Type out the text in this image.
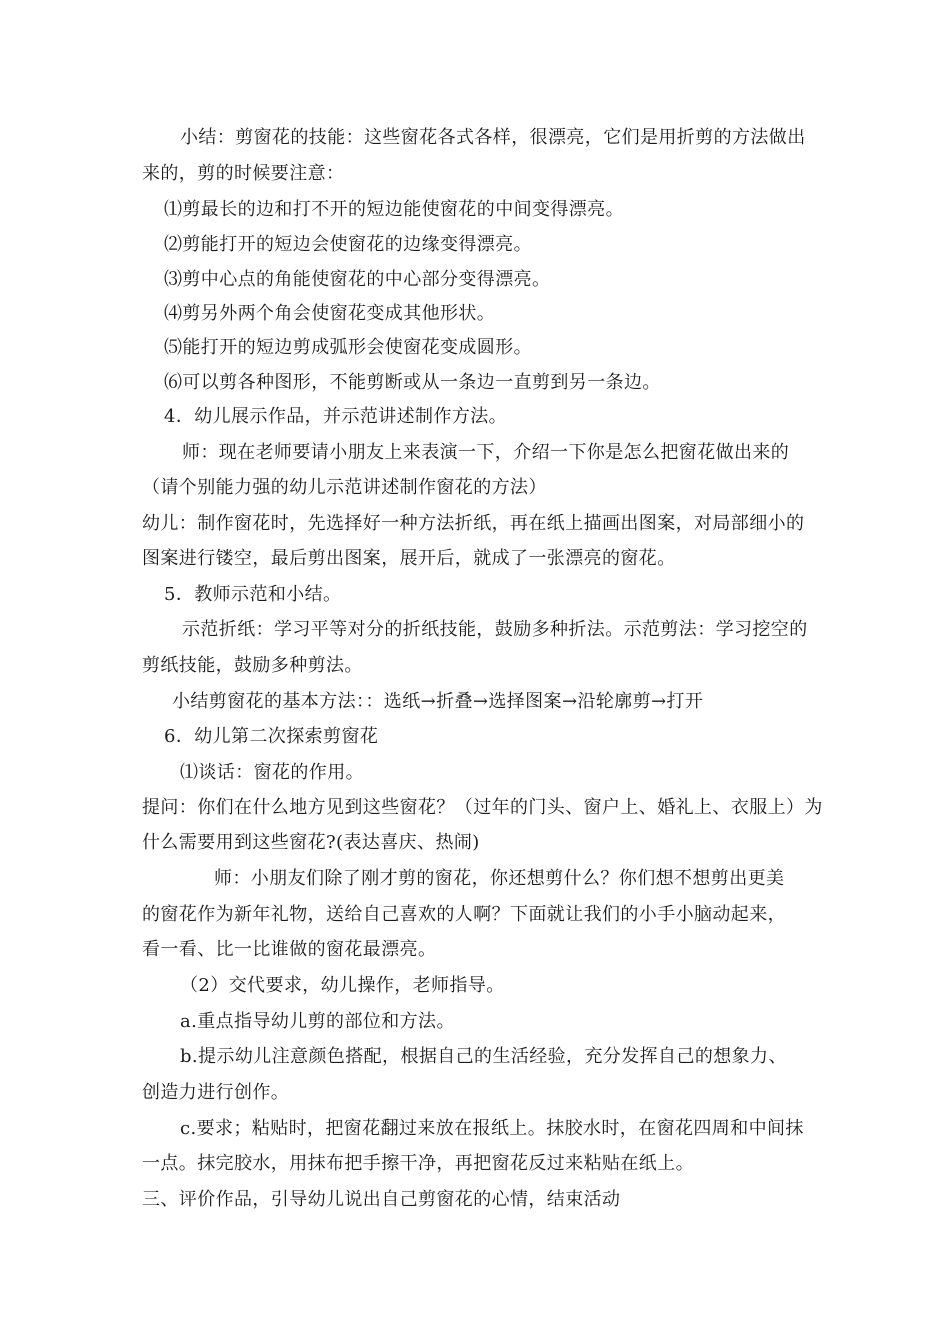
小结：剪窗花的技能：这些窗花各式各样，很漂亮，它们是用折剪的方法做出
来的，剪的时候要注意：
⑴剪最长的边和打不开的短边能使窗花的中间变得漂亮。
⑵剪能打开的短边会使窗花的边缘变得漂亮。
⑶剪中心点的角能使窗花的中心部分变得漂亮。
⑷剪另外两个角会使窗花变成其他形状。
⑸能打开的短边剪成弧形会使窗花变成圆形。
⑹可以剪各种图形，不能剪断或从一条边一直剪到另一条边。
4．幼儿展示作品，并示范讲述制作方法。
师：现在老师要请小朋友上来表演一下，介绍一下你是怎么把窗花做出来的
（请个别能力强的幼儿示范讲述制作窗花的方法）
幼儿：制作窗花时，先选择好一种方法折纸，再在纸上描画出图案，对局部细小的
图案进行镂空，最后剪出图案，展开后，就成了一张漂亮的窗花。
5．教师示范和小结。
示范折纸：学习平等对分的折纸技能，鼓励多种折法。示范剪法：学习挖空的
剪纸技能，鼓励多种剪法。
小结剪窗花的基本方法：：选纸→折叠→选择图案→沿轮廓剪→打开
6．幼儿第二次探索剪窗花
⑴谈话：窗花的作用。
提问：你们在什么地方见到这些窗花？（过年的门头、窗户上、婚礼上、衣服上）为
什么需要用到这些窗花?(表达喜庆、热闹)
师：小朋友们除了刚才剪的窗花，你还想剪什么？你们想不想剪出更美
的窗花作为新年礼物，送给自己喜欢的人啊？下面就让我们的小手小脑动起来，
看一看、比一比谁做的窗花最漂亮。
（2）交代要求，幼儿操作，老师指导。
a.重点指导幼儿剪的部位和方法。
b.提示幼儿注意颜色搭配，根据自己的生活经验，充分发挥自己的想象力、
创造力进行创作。
c.要求；粘贴时，把窗花翻过来放在报纸上。抹胶水时，在窗花四周和中间抹
一点。抹完胶水，用抹布把手擦干净，再把窗花反过来粘贴在纸上。
三、评价作品，引导幼儿说出自己剪窗花的心情，结束活动
